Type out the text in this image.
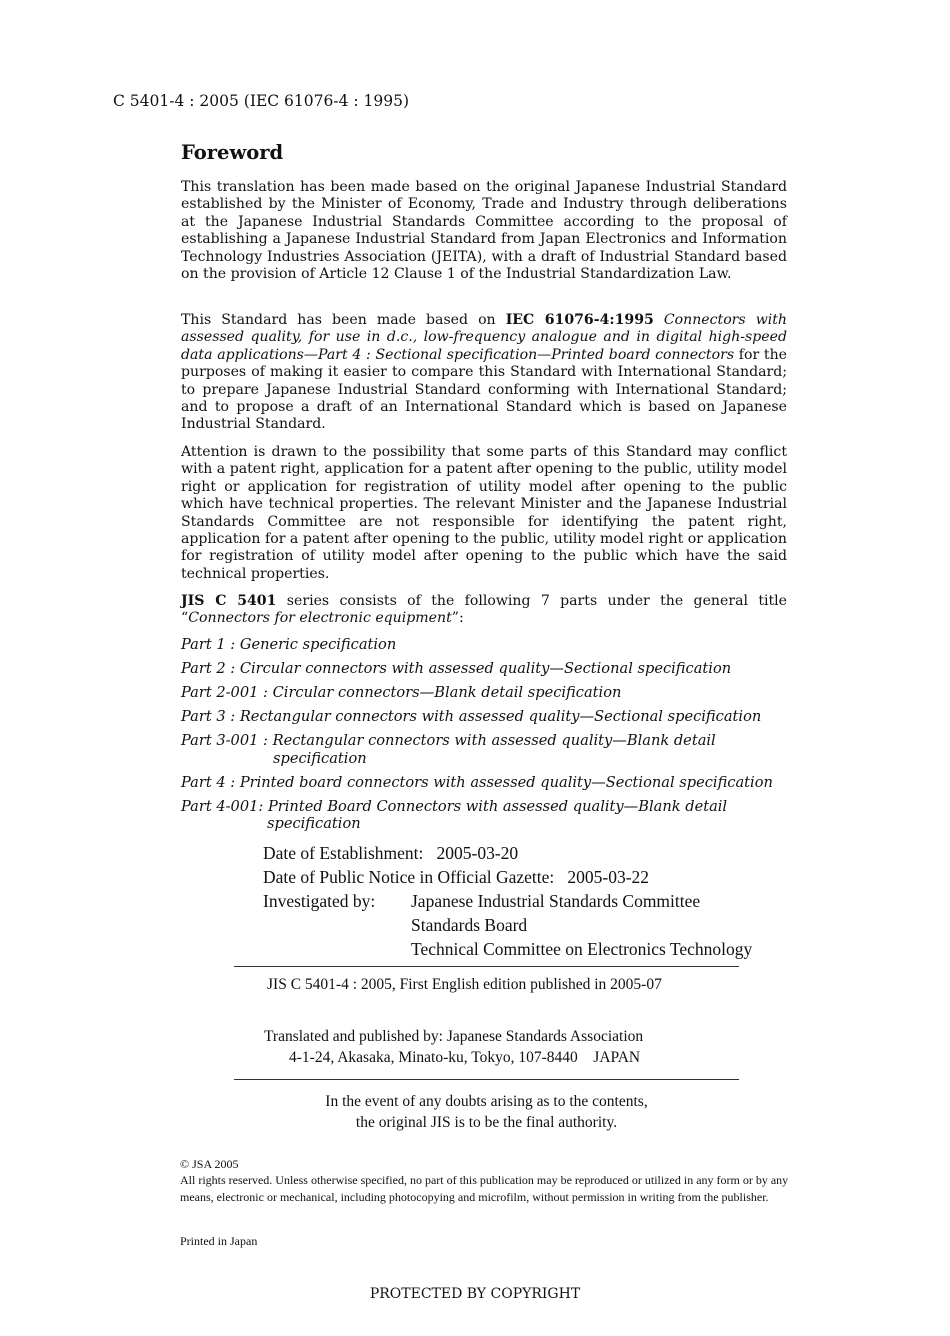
C 5401-4 : 2005 (IEC 61076-4 : 1995)
Foreword
This translation has been made based on the original Japanese Industrial Standard established by the Minister of Economy, Trade and Industry through deliberations at the Japanese Industrial Standards Committee according to the proposal of establishing a Japanese Industrial Standard from Japan Electronics and Information Technology Industries Association (JEITA), with a draft of Industrial Standard based on the provision of Article 12 Clause 1 of the Industrial Standardization Law.
This Standard has been made based on IEC 61076-4:1995 Connectors with assessed quality, for use in d.c., low-frequency analogue and in digital high-speed data applications—Part 4 : Sectional specification—Printed board connectors for the purposes of making it easier to compare this Standard with International Standard; to prepare Japanese Industrial Standard conforming with International Standard; and to propose a draft of an International Standard which is based on Japanese Industrial Standard.
Attention is drawn to the possibility that some parts of this Standard may conflict with a patent right, application for a patent after opening to the public, utility model right or application for registration of utility model after opening to the public which have technical properties. The relevant Minister and the Japanese Industrial Standards Committee are not responsible for identifying the patent right, application for a patent after opening to the public, utility model right or application for registration of utility model after opening to the public which have the said technical properties.
JIS C 5401 series consists of the following 7 parts under the general title “Connectors for electronic equipment”:
Part 1 : Generic specification
Part 2 : Circular connectors with assessed quality—Sectional specification
Part 2-001 : Circular connectors—Blank detail specification
Part 3 : Rectangular connectors with assessed quality—Sectional specification
Part 3-001 : Rectangular connectors with assessed quality—Blank detail
specification
Part 4 : Printed board connectors with assessed quality—Sectional specification
Part 4-001: Printed Board Connectors with assessed quality—Blank detail
specification
Date of Establishment: 2005-03-20
Date of Public Notice in Official Gazette: 2005-03-22
Investigated by: Japanese Industrial Standards Committee
Standards Board
Technical Committee on Electronics Technology
JIS C 5401-4 : 2005, First English edition published in 2005-07
Translated and published by: Japanese Standards Association
4-1-24, Akasaka, Minato-ku, Tokyo, 107-8440 JAPAN
In the event of any doubts arising as to the contents,
the original JIS is to be the final authority.
© JSA 2005
All rights reserved. Unless otherwise specified, no part of this publication may be reproduced or utilized in any form or by any means, electronic or mechanical, including photocopying and microfilm, without permission in writing from the publisher.
Printed in Japan
PROTECTED BY COPYRIGHT
